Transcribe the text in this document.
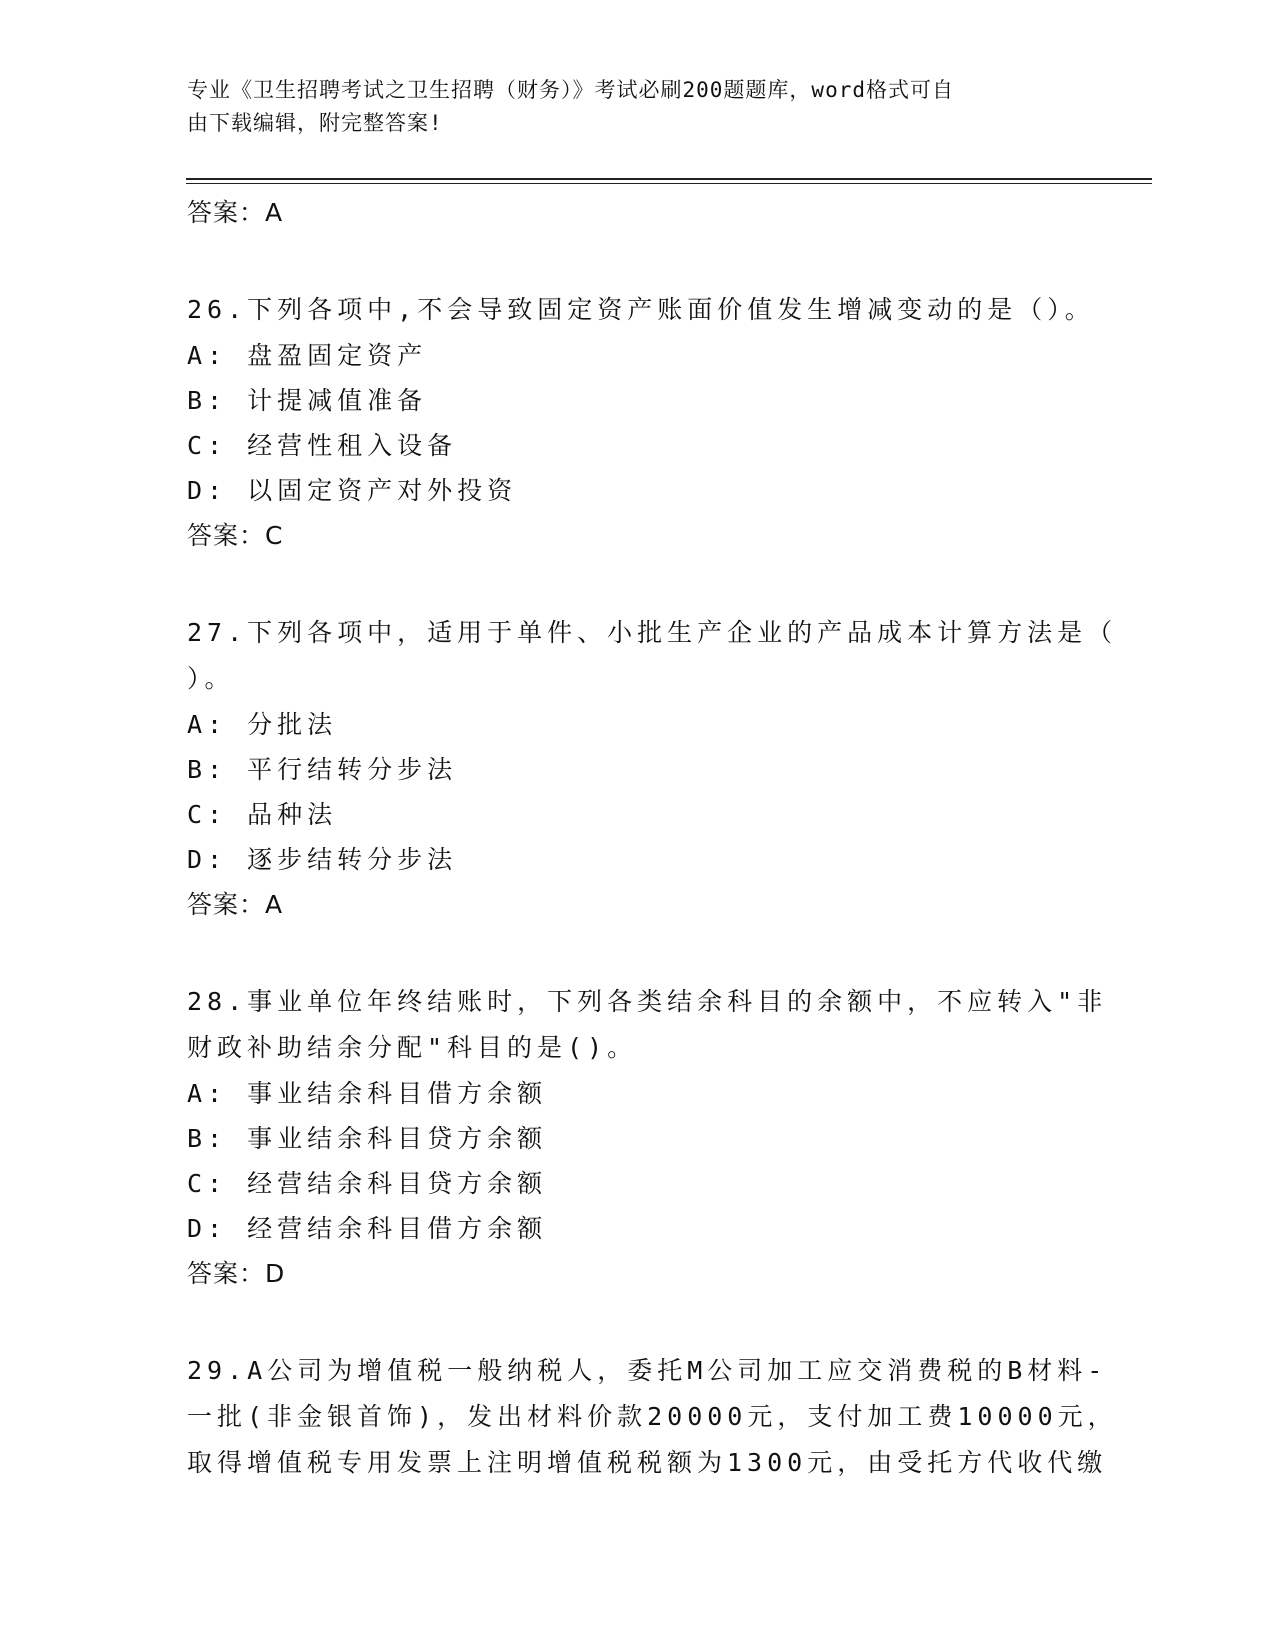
专业《卫生招聘考试之卫生招聘（财务）》考试必刷200题题库，word格式可自
由下载编辑，附完整答案!
答案：A
26.下列各项中,不会导致固定资产账面价值发生增减变动的是（）。
A: 盘盈固定资产
B: 计提减值准备
C: 经营性租入设备
D: 以固定资产对外投资
答案：C
27.下列各项中，适用于单件、小批生产企业的产品成本计算方法是（
）。
A: 分批法
B: 平行结转分步法
C: 品种法
D: 逐步结转分步法
答案：A
28.事业单位年终结账时，下列各类结余科目的余额中，不应转入"非
财政补助结余分配"科目的是()。
A: 事业结余科目借方余额
B: 事业结余科目贷方余额
C: 经营结余科目贷方余额
D: 经营结余科目借方余额
答案：D
29.A公司为增值税一般纳税人，委托M公司加工应交消费税的B材料-
一批(非金银首饰)，发出材料价款20000元，支付加工费10000元，
取得增值税专用发票上注明增值税税额为1300元，由受托方代收代缴
